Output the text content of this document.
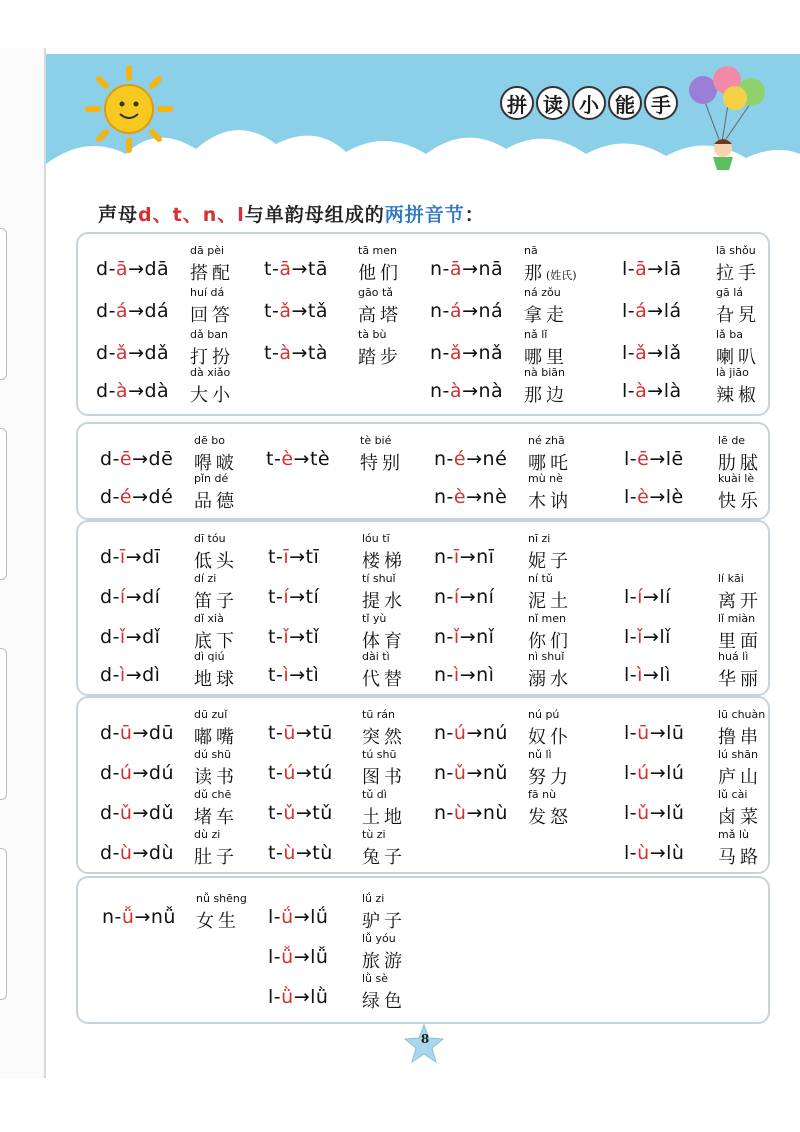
拼 读 小 能 手
声母d、t、n、l与单韵母组成的两拼音节：
d-ā→dā
dā pèi
搭配
d-á→dá
huí dá
回答
d-ǎ→dǎ
dǎ ban
打扮
d-à→dà
dà xiǎo
大小
t-ā→tā
tā men
他们
t-ǎ→tǎ
gāo tǎ
高塔
t-à→tà
tà bù
踏步
n-ā→nā
nā
那(姓氏)
n-á→ná
ná zǒu
拿走
n-ǎ→nǎ
nǎ lǐ
哪里
n-à→nà
nà biān
那边
l-ā→lā
lā shǒu
拉手
l-á→lá
gā lá
旮旯
l-ǎ→lǎ
lǎ ba
喇叭
l-à→là
là jiāo
辣椒
d-ē→dē
dē bo
嘚啵
d-é→dé
pǐn dé
品德
t-è→tè
tè bié
特别 n-é→né
né zhā
哪吒
n-è→nè
mù nè
木讷
l-ē→lē
lē de
肋脦
l-è→lè
kuài lè
快乐
d-ī→dī
dī tóu
低头
d-í→dí
dí zi
笛子
d-ǐ→dǐ
dǐ xià
底下
d-ì→dì
dì qiú
地球
t-ī→tī
lóu tī
楼梯
t-í→tí
tí shuǐ
提水
t-ǐ→tǐ
tǐ yù
体育
t-ì→tì
dài tì
代替
n-ī→nī
nī zi
妮子
n-í→ní
ní tǔ
泥土
n-ǐ→nǐ
nǐ men
你们
n-ì→nì
nì shuǐ
溺水
l-í→lí
lí kāi
离开
l-ǐ→lǐ
lǐ miàn
里面
l-ì→lì
huá lì
华丽
d-ū→dū
dū zuǐ
嘟嘴
d-ú→dú
dú shū
读书
d-ǔ→dǔ
dǔ chē
堵车
d-ù→dù
dù zi
肚子
t-ū→tū
tū rán
突然
t-ú→tú
tú shū
图书
t-ǔ→tǔ
tǔ dì
土地
t-ù→tù
tù zi
兔子
n-ú→nú
nú pú
奴仆
n-ǔ→nǔ
nǔ lì
努力
n-ù→nù
fā nù
发怒
l-ū→lū
lū chuàn
撸串
l-ú→lú
lú shān
庐山
l-ǔ→lǔ
lǔ cài
卤菜
l-ù→lù
mǎ lù
马路
n-ǚ→nǚ
nǚ shēng
女生 l-ǘ→lǘ
lǘ zi
驴子
l-ǚ→lǚ
lǚ yóu
旅游
l-ǜ→lǜ
lǜ sè
绿色
8
